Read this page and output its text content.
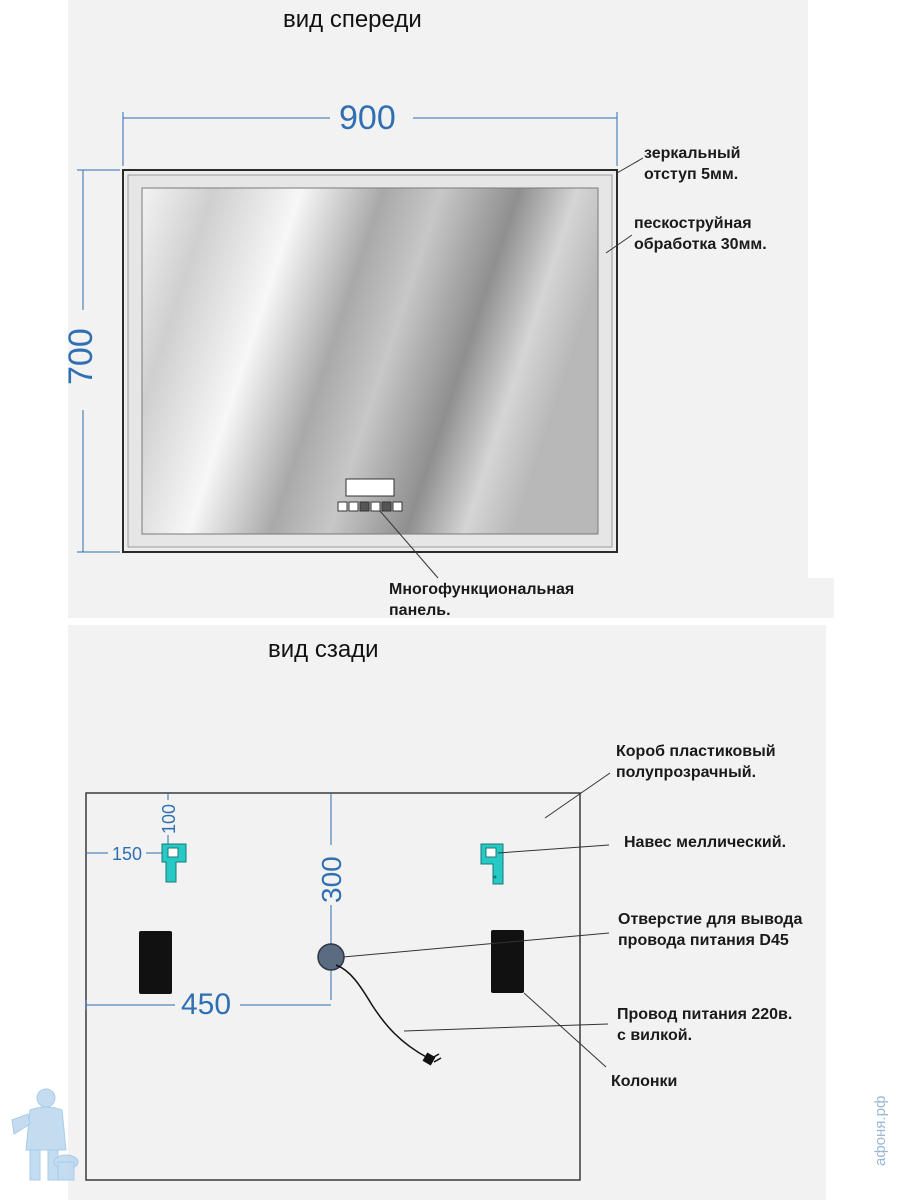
вид спереди
900
700
зеркальный
отступ 5мм.
пескоструйная
обработка 30мм.
Многофункциональная
панель.
вид сзади
150
100
300
450
Короб пластиковый
полупрозрачный.
Навес меллический.
Отверстие для вывода
провода питания D45
Провод питания 220в.
с вилкой.
Колонки
афоня.рф
